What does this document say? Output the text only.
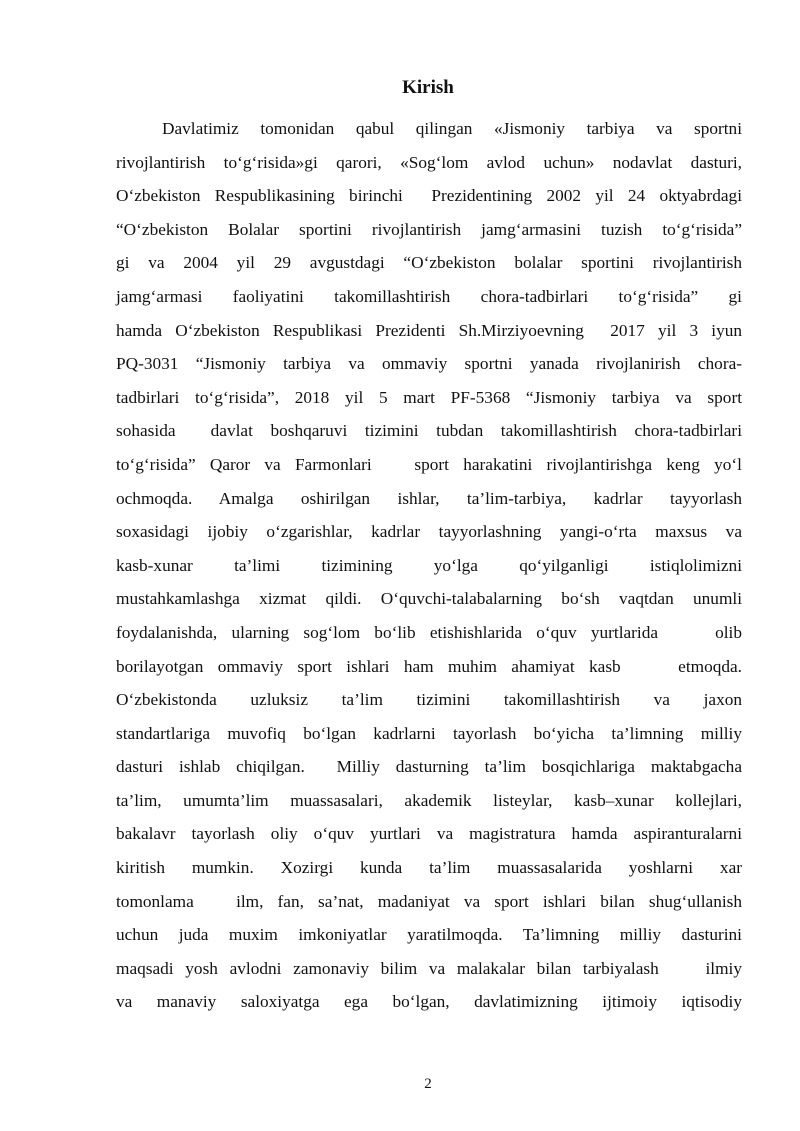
Kirish
Davlatimiz tomonidan qabul qilingan «Jismoniy tarbiya va sportni
rivojlantirish to‘g‘risida»gi qarori, «Sog‘lom avlod uchun» nodavlat dasturi,
O‘zbekiston Respublikasining birinchi  Prezidentining 2002 yil 24 oktyabrdagi
“O‘zbekiston Bolalar sportini rivojlantirish jamg‘armasini tuzish to‘g‘risida”
gi va 2004 yil 29 avgustdagi “O‘zbekiston bolalar sportini rivojlantirish
jamg‘armasi faoliyatini takomillashtirish chora-tadbirlari to‘g‘risida” gi
hamda O‘zbekiston Respublikasi Prezidenti Sh.Mirziyoevning  2017 yil 3 iyun
PQ-3031 “Jismoniy tarbiya va ommaviy sportni yanada rivojlanirish chora-
tadbirlari to‘g‘risida”, 2018 yil 5 mart PF-5368 “Jismoniy tarbiya va sport
sohasida  davlat boshqaruvi tizimini tubdan takomillashtirish chora-tadbirlari
to‘g‘risida” Qaror va Farmonlari   sport harakatini rivojlantirishga keng yo‘l
ochmoqda. Amalga oshirilgan ishlar, ta’lim-tarbiya, kadrlar tayyorlash
soxasidagi ijobiy o‘zgarishlar, kadrlar tayyorlashning yangi-o‘rta maxsus va
kasb-xunar ta’limi tizimining yo‘lga qo‘yilganligi istiqlolimizni
mustahkamlashga xizmat qildi. O‘quvchi-talabalarning bo‘sh vaqtdan unumli
foydalanishda, ularning sog‘lom bo‘lib etishishlarida o‘quv yurtlarida    olib
borilayotgan ommaviy sport ishlari ham muhim ahamiyat kasb    etmoqda.
O‘zbekistonda uzluksiz ta’lim tizimini takomillashtirish va jaxon
standartlariga muvofiq bo‘lgan kadrlarni tayorlash bo‘yicha ta’limning milliy
dasturi ishlab chiqilgan.  Milliy dasturning ta’lim bosqichlariga maktabgacha
ta’lim, umumta’lim muassasalari, akademik listeylar, kasb–xunar kollejlari,
bakalavr tayorlash oliy o‘quv yurtlari va magistratura hamda aspiranturalarni
kiritish mumkin. Xozirgi kunda ta’lim muassasalarida yoshlarni xar
tomonlama   ilm, fan, sa’nat, madaniyat va sport ishlari bilan shug‘ullanish
uchun juda muxim imkoniyatlar yaratilmoqda. Ta’limning milliy dasturini
maqsadi yosh avlodni zamonaviy bilim va malakalar bilan tarbiyalash    ilmiy
va manaviy saloxiyatga ega bo‘lgan, davlatimizning ijtimoiy iqtisodiy
2
